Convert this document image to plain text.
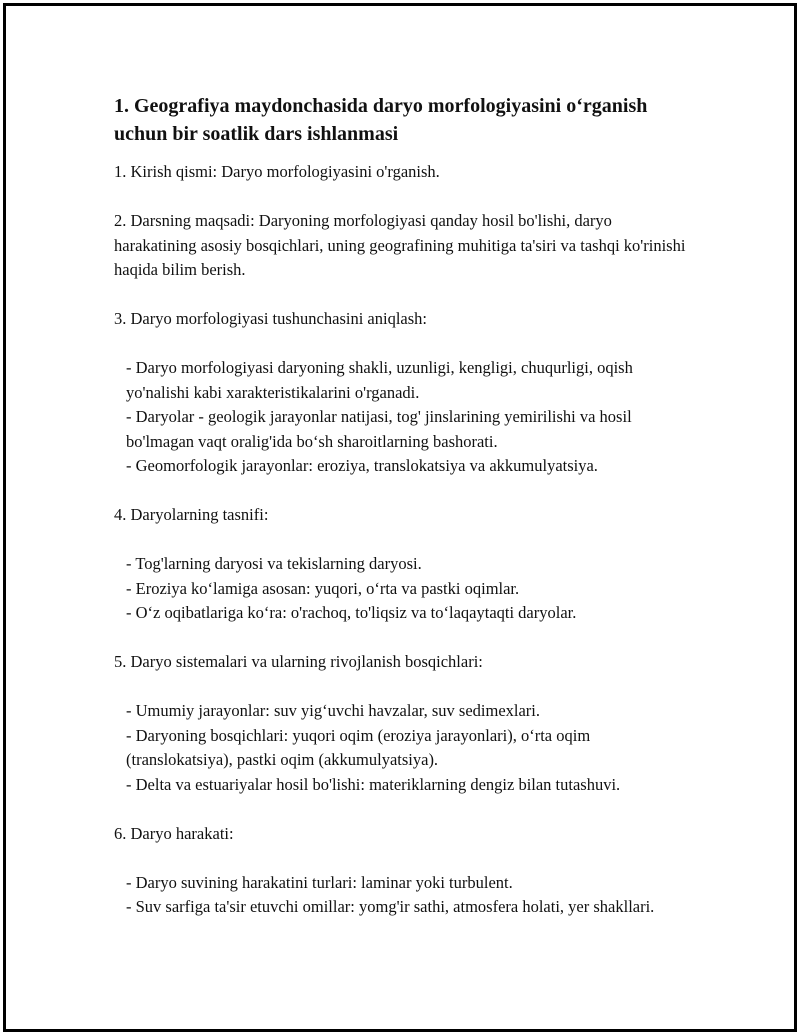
1. Geografiya maydonchasida daryo morfologiyasini o‘rganish uchun bir soatlik dars ishlanmasi

1. Kirish qismi: Daryo morfologiyasini o'rganish.

2. Darsning maqsadi: Daryoning morfologiyasi qanday hosil bo'lishi, daryo harakatining asosiy bosqichlari, uning geografining muhitiga ta'siri va tashqi ko'rinishi haqida bilim berish.

3. Daryo morfologiyasi tushunchasini aniqlash:

- Daryo morfologiyasi daryoning shakli, uzunligi, kengligi, chuqurligi, oqish yo'nalishi kabi xarakteristikalarini o'rganadi.

- Daryolar - geologik jarayonlar natijasi, tog' jinslarining yemirilishi va hosil bo'lmagan vaqt oralig'ida bo‘sh sharoitlarning bashorati.

- Geomorfologik jarayonlar: eroziya, translokatsiya va akkumulyatsiya.

4. Daryolarning tasnifi:

- Tog'larning daryosi va tekislarning daryosi.

- Eroziya ko‘lamiga asosan: yuqori, o‘rta va pastki oqimlar.

- O‘z oqibatlariga ko‘ra: o'rachoq, to'liqsiz va to‘laqaytaqti daryolar.

5. Daryo sistemalari va ularning rivojlanish bosqichlari:

- Umumiy jarayonlar: suv yig‘uvchi havzalar, suv sedimexlari.

- Daryoning bosqichlari: yuqori oqim (eroziya jarayonlari), o‘rta oqim (translokatsiya), pastki oqim (akkumulyatsiya).

- Delta va estuariyalar hosil bo'lishi: materiklarning dengiz bilan tutashuvi.

6. Daryo harakati:

- Daryo suvining harakatini turlari: laminar yoki turbulent.

- Suv sarfiga ta'sir etuvchi omillar: yomg'ir sathi, atmosfera holati, yer shakllari.
